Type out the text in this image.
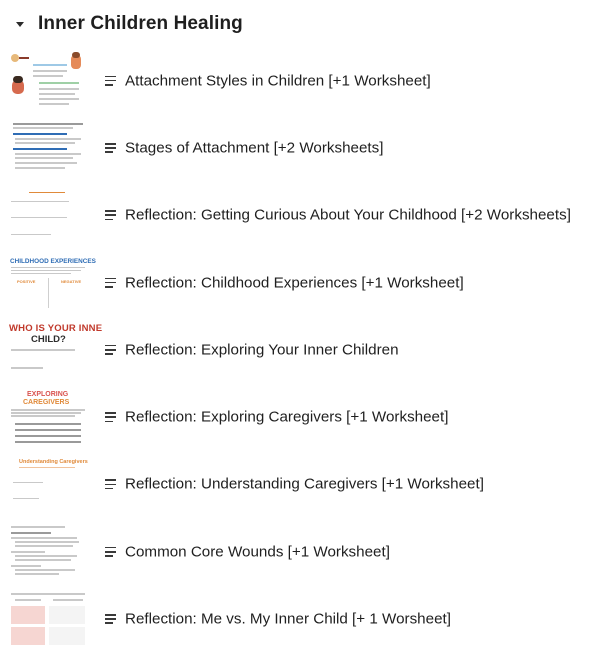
Inner Children Healing
Attachment Styles in Children [+1 Worksheet]
Stages of Attachment [+2 Worksheets]
Reflection: Getting Curious About Your Childhood [+2 Worksheets]
CHILDHOOD EXPERIENCES
POSITIVE	NEGATIVE	Reflection: Childhood Experiences [+1 Worksheet]
WHO IS YOUR INNE
CHILD?
Reflection: Exploring Your Inner Children
EXPLORING
CAREGIVERS
Reflection: Exploring Caregivers [+1 Worksheet]
Understanding Caregivers
Reflection: Understanding Caregivers [+1 Worksheet]
Common Core Wounds [+1 Worksheet]
Reflection: Me vs. My Inner Child [+ 1 Worsheet]
